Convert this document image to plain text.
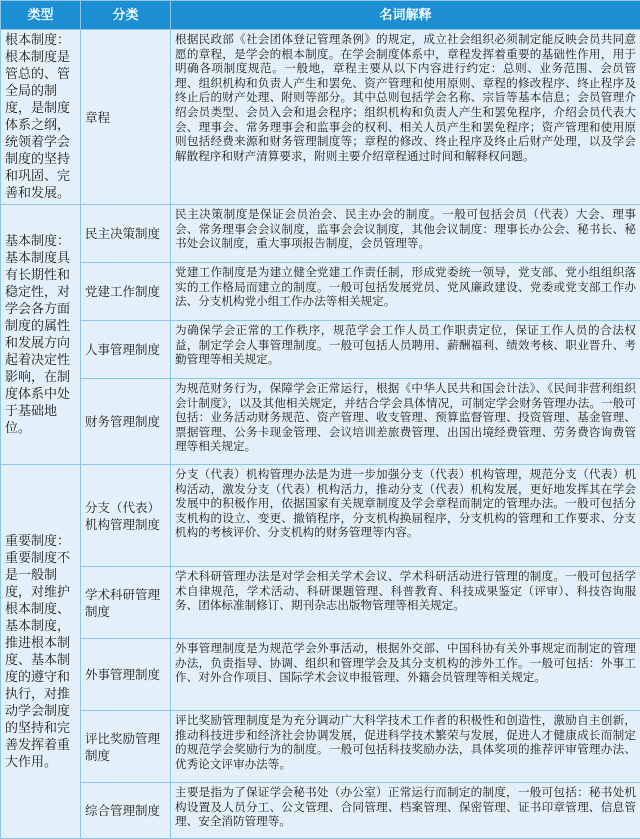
类型	分类	名词解释
根本制度：根本制度是管总的、管全局的制度，是制度体系之纲，统领着学会制度的坚持和巩固、完善和发展。	章程	根据民政部《社会团体登记管理条例》的规定，成立社会组织必须制定能反映会员共同意愿的章程，是学会的根本制度。在学会制度体系中，章程发挥着重要的基础性作用，用于明确各项制度规范。一般地，章程主要从以下内容进行约定：总则、业务范围、会员管理、组织机构和负责人产生和罢免、资产管理和使用原则、章程的修改程序、终止程序及终止后的财产处理、附则等部分。其中总则包括学会名称、宗旨等基本信息；会员管理介绍会员类型、会员入会和退会程序；组织机构和负责人产生和罢免程序，介绍会员代表大会、理事会、常务理事会和监事会的权利、相关人员产生和罢免程序；资产管理和使用原则包括经费来源和财务管理制度等；章程的修改、终止程序及终止后财产处理，以及学会解散程序和财产清算要求，附则主要介绍章程通过时间和解释权问题。
基本制度：基本制度具有长期性和稳定性，对学会各方面制度的属性和发展方向起着决定性影响，在制度体系中处于基础地位。	民主决策制度	民主决策制度是保证会员治会、民主办会的制度。一般可包括会员（代表）大会、理事会、常务理事会会议制度，监事会会议制度，其他会议制度：理事长办公会、秘书长、秘书处会议制度，重大事项报告制度，会员管理等。
	党建工作制度	党建工作制度是为建立健全党建工作责任制，形成党委统一领导，党支部、党小组组织落实的工作格局而建立的制度。一般可包括发展党员、党风廉政建设、党委或党支部工作办法、分支机构党小组工作办法等相关规定。
	人事管理制度	为确保学会正常的工作秩序，规范学会工作人员工作职责定位，保证工作人员的合法权益，制定学会人事管理制度。一般可包括人员聘用、薪酬福利、绩效考核、职业晋升、考勤管理等相关规定。
	财务管理制度	为规范财务行为，保障学会正常运行，根据《中华人民共和国会计法》、《民间非营利组织会计制度》，以及其他相关规定，并结合学会具体情况，可制定学会财务管理办法。一般可包括：业务活动财务规范、资产管理、收支管理、预算监督管理、投资管理、基金管理、票据管理、公务卡现金管理、会议培训差旅费管理、出国出境经费管理、劳务费咨询费管理等相关规定。
重要制度：重要制度不是一般制度，对维护根本制度、基本制度，推进根本制度、基本制度的遵守和执行，对推动学会制度的坚持和完善发挥着重大作用。	分支（代表）机构管理制度	分支（代表）机构管理办法是为进一步加强分支（代表）机构管理，规范分支（代表）机构活动，激发分支（代表）机构活力，推动分支（代表）机构发展，更好地发挥其在学会发展中的积极作用，依据国家有关规章制度及学会章程而制定的管理办法。一般可包括分支机构的设立、变更、撤销程序，分支机构换届程序，分支机构的管理和工作要求、分支机构的考核评价、分支机构的财务管理等内容。
	学术科研管理制度	学术科研管理办法是对学会相关学术会议、学术科研活动进行管理的制度。一般可包括学术自律规范，学术活动、科研课题管理、科普教育、科技成果鉴定（评审）、科技咨询服务、团体标准制修订、期刊杂志出版物管理等相关规定。
	外事管理制度	外事管理制度是为规范学会外事活动，根据外交部、中国科协有关外事规定而制定的管理办法，负责指导、协调、组织和管理学会及其分支机构的涉外工作。一般可包括：外事工作、对外合作项目、国际学术会议申报管理、外籍会员管理等相关规定。
	评比奖励管理制度	评比奖励管理制度是为充分调动广大科学技术工作者的积极性和创造性，激励自主创新，推动科技进步和经济社会协调发展，促进科学技术繁荣与发展，促进人才健康成长而制定的规范学会奖励行为的制度。一般可包括科技奖励办法，具体奖项的推荐评审管理办法、优秀论文评审办法等。
	综合管理制度	主要是指为了保证学会秘书处（办公室）正常运行而制定的制度，一般可包括：秘书处机构设置及人员分工、公文管理、合同管理、档案管理、保密管理、证书印章管理、信息管理、安全消防管理等。
